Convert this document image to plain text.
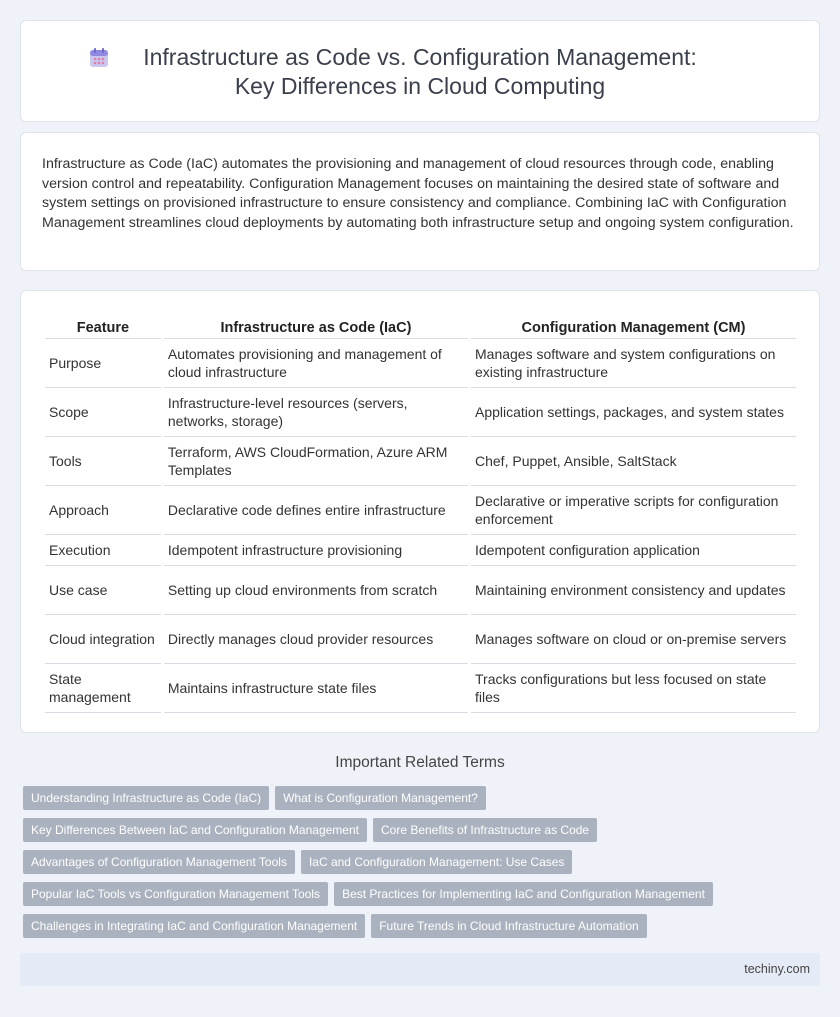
Infrastructure as Code vs. Configuration Management: Key Differences in Cloud Computing

Infrastructure as Code (IaC) automates the provisioning and management of cloud resources through code, enabling version control and repeatability. Configuration Management focuses on maintaining the desired state of software and system settings on provisioned infrastructure to ensure consistency and compliance. Combining IaC with Configuration Management streamlines cloud deployments by automating both infrastructure setup and ongoing system configuration.

Feature	Infrastructure as Code (IaC)	Configuration Management (CM)
Purpose	Automates provisioning and management of cloud infrastructure	Manages software and system configurations on existing infrastructure
Scope	Infrastructure-level resources (servers, networks, storage)	Application settings, packages, and system states
Tools	Terraform, AWS CloudFormation, Azure ARM Templates	Chef, Puppet, Ansible, SaltStack
Approach	Declarative code defines entire infrastructure	Declarative or imperative scripts for configuration enforcement
Execution	Idempotent infrastructure provisioning	Idempotent configuration application
Use case	Setting up cloud environments from scratch	Maintaining environment consistency and updates
Cloud integration	Directly manages cloud provider resources	Manages software on cloud or on-premise servers
State management	Maintains infrastructure state files	Tracks configurations but less focused on state files
Important Related Terms
Understanding Infrastructure as Code (IaC)	What is Configuration Management?
Key Differences Between IaC and Configuration Management	Core Benefits of Infrastructure as Code
Advantages of Configuration Management Tools	IaC and Configuration Management: Use Cases
Popular IaC Tools vs Configuration Management Tools	Best Practices for Implementing IaC and Configuration Management
Challenges in Integrating IaC and Configuration Management	Future Trends in Cloud Infrastructure Automation
techiny.com
